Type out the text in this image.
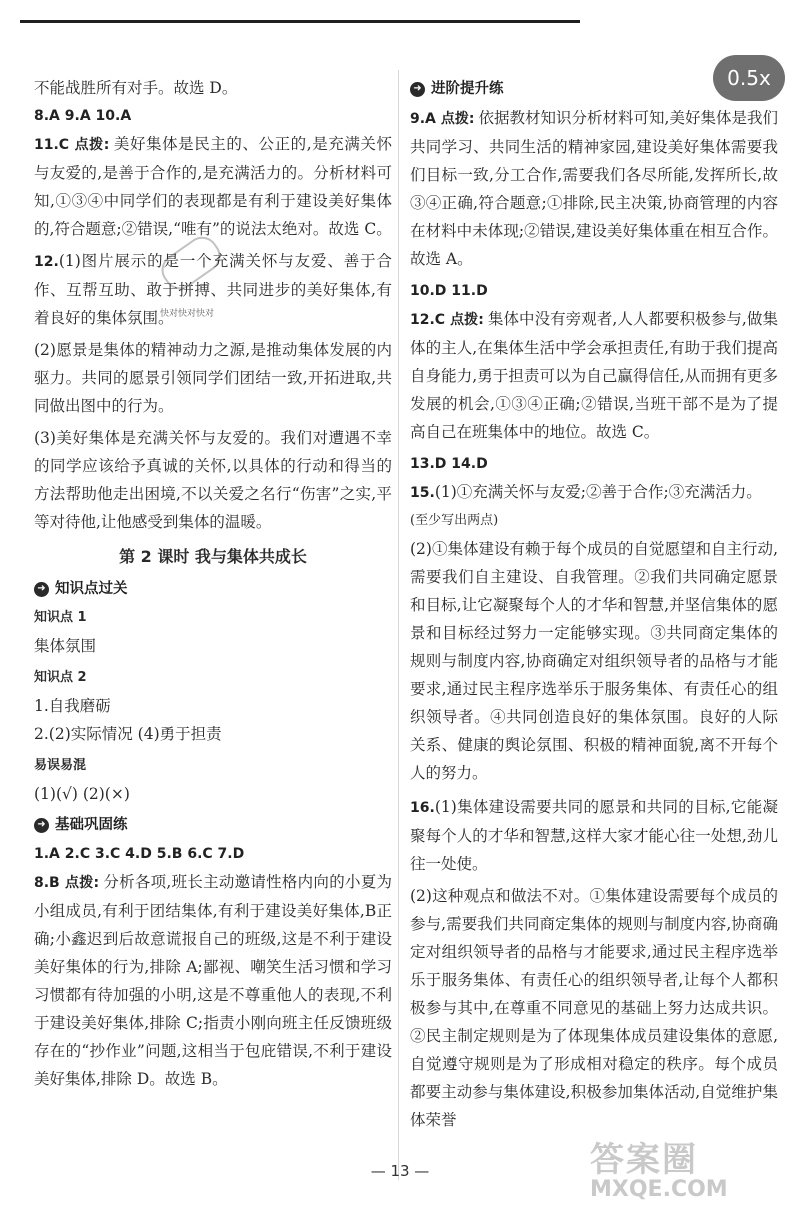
0.5x
快对快对快对

不能战胜所有对手。故选 D。

8.A 9.A 10.A

11.C 点拨: 美好集体是民主的、公正的,是充满关怀与友爱的,是善于合作的,是充满活力的。分析材料可知,①③④中同学们的表现都是有利于建设美好集体的,符合题意;②错误,“唯有”的说法太绝对。故选 C。

12.(1)图片展示的是一个充满关怀与友爱、善于合作、互帮互助、敢于拼搏、共同进步的美好集体,有着良好的集体氛围。

(2)愿景是集体的精神动力之源,是推动集体发展的内驱力。共同的愿景引领同学们团结一致,开拓进取,共同做出图中的行为。

(3)美好集体是充满关怀与友爱的。我们对遭遇不幸的同学应该给予真诚的关怀,以具体的行动和得当的方法帮助他走出困境,不以关爱之名行“伤害”之实,平等对待他,让他感受到集体的温暖。

第 2 课时 我与集体共成长
➜ 知识点过关
知识点 1

集体氛围

知识点 2

1.自我磨砺

2.(2)实际情况 (4)勇于担责

易误易混

(1)(√) (2)(×)

➜ 基础巩固练

1.A 2.C 3.C 4.D 5.B 6.C 7.D

8.B 点拨: 分析各项,班长主动邀请性格内向的小夏为小组成员,有利于团结集体,有利于建设美好集体,B正确;小鑫迟到后故意谎报自己的班级,这是不利于建设美好集体的行为,排除 A;鄙视、嘲笑生活习惯和学习习惯都有待加强的小明,这是不尊重他人的表现,不利于建设美好集体,排除 C;指责小刚向班主任反馈班级存在的“抄作业”问题,这相当于包庇错误,不利于建设美好集体,排除 D。故选 B。

➜ 进阶提升练

9.A 点拨: 依据教材知识分析材料可知,美好集体是我们共同学习、共同生活的精神家园,建设美好集体需要我们目标一致,分工合作,需要我们各尽所能,发挥所长,故③④正确,符合题意;①排除,民主决策,协商管理的内容在材料中未体现;②错误,建设美好集体重在相互合作。故选 A。

10.D 11.D

12.C 点拨: 集体中没有旁观者,人人都要积极参与,做集体的主人,在集体生活中学会承担责任,有助于我们提高自身能力,勇于担责可以为自己赢得信任,从而拥有更多发展的机会,①③④正确;②错误,当班干部不是为了提高自己在班集体中的地位。故选 C。

13.D 14.D

15.(1)①充满关怀与友爱;②善于合作;③充满活力。

(至少写出两点)

(2)①集体建设有赖于每个成员的自觉愿望和自主行动,需要我们自主建设、自我管理。②我们共同确定愿景和目标,让它凝聚每个人的才华和智慧,并坚信集体的愿景和目标经过努力一定能够实现。③共同商定集体的规则与制度内容,协商确定对组织领导者的品格与才能要求,通过民主程序选举乐于服务集体、有责任心的组织领导者。④共同创造良好的集体氛围。良好的人际关系、健康的舆论氛围、积极的精神面貌,离不开每个人的努力。

16.(1)集体建设需要共同的愿景和共同的目标,它能凝聚每个人的才华和智慧,这样大家才能心往一处想,劲儿往一处使。

(2)这种观点和做法不对。①集体建设需要每个成员的参与,需要我们共同商定集体的规则与制度内容,协商确定对组织领导者的品格与才能要求,通过民主程序选举乐于服务集体、有责任心的组织领导者,让每个人都积极参与其中,在尊重不同意见的基础上努力达成共识。②民主制定规则是为了体现集体成员建设集体的意愿,自觉遵守规则是为了形成相对稳定的秩序。每个成员都要主动参与集体建设,积极参加集体活动,自觉维护集体荣誉

— 13 —	答案圈
MXQE.COM
